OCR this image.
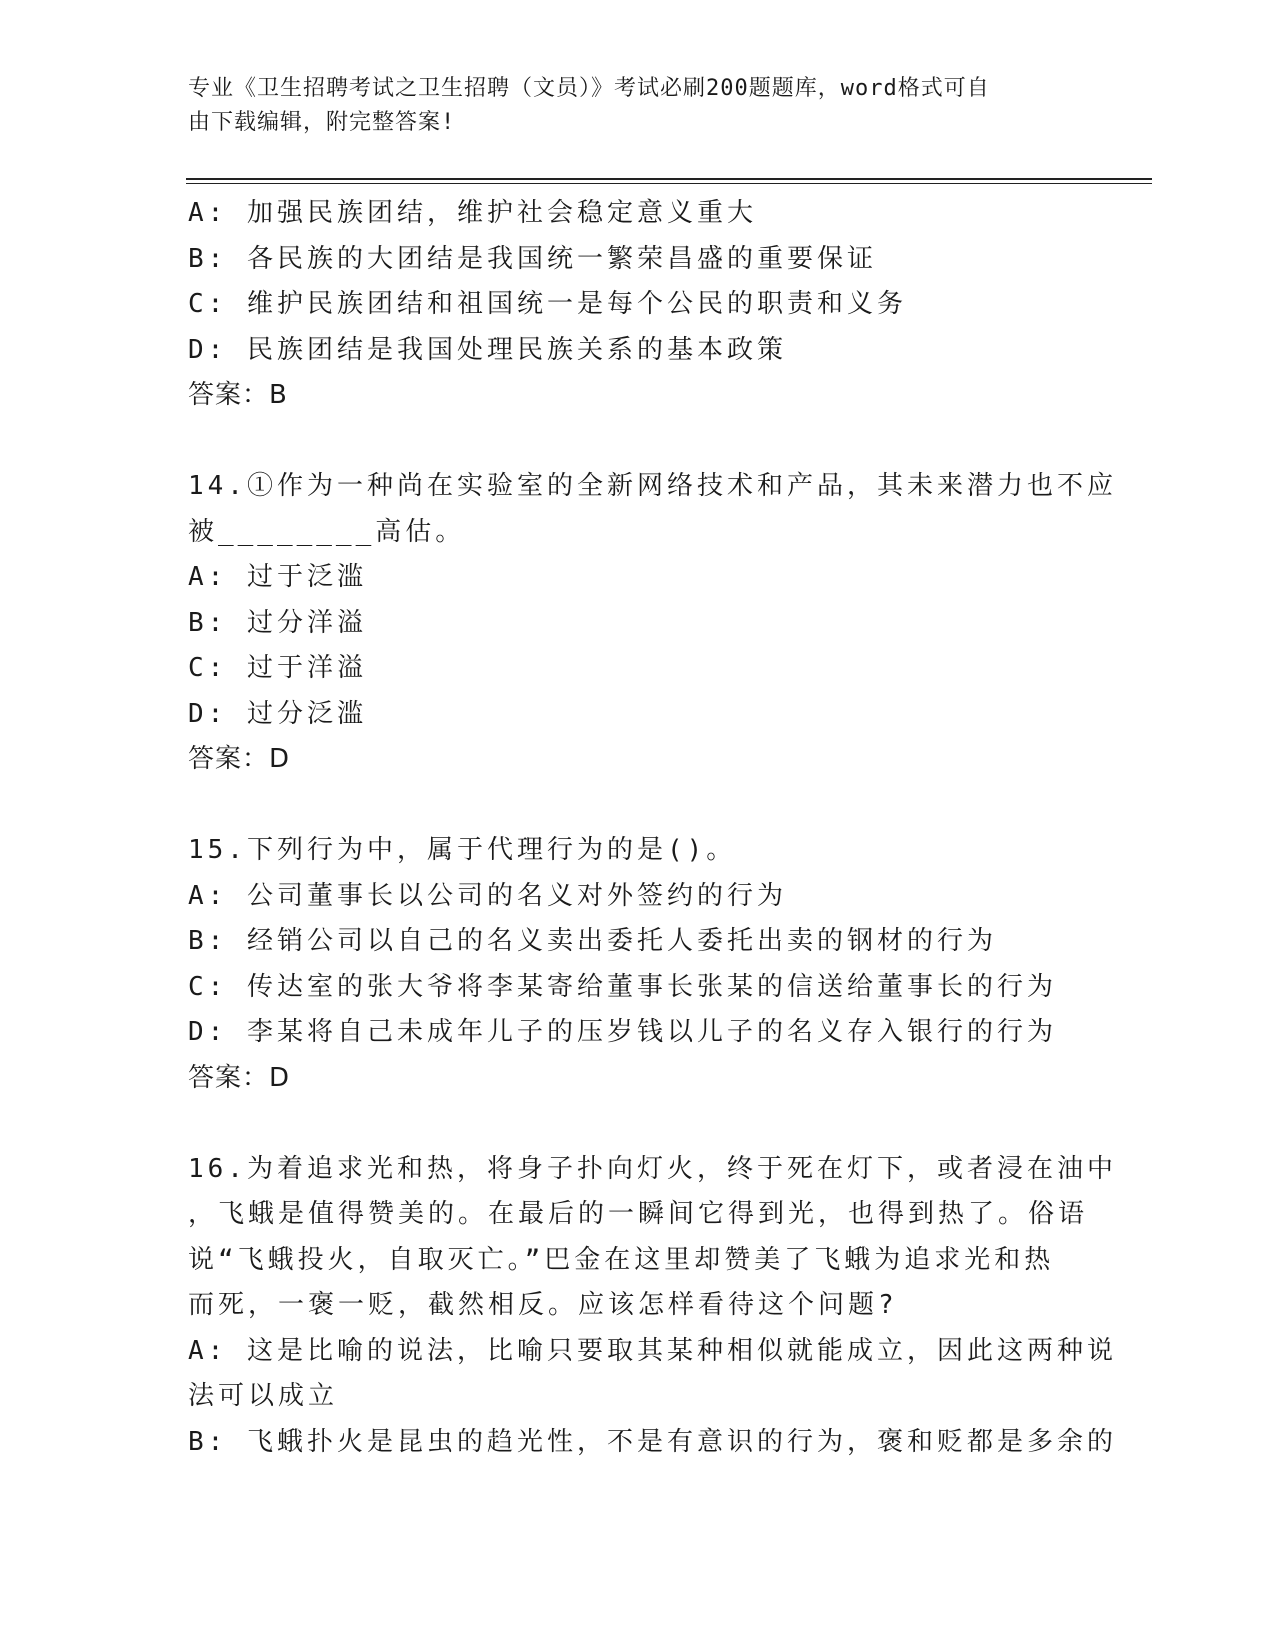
专业《卫生招聘考试之卫生招聘（文员）》考试必刷200题题库，word格式可自
由下载编辑，附完整答案!
A: 加强民族团结，维护社会稳定意义重大
B: 各民族的大团结是我国统一繁荣昌盛的重要保证
C: 维护民族团结和祖国统一是每个公民的职责和义务
D: 民族团结是我国处理民族关系的基本政策
答案：B
14.①作为一种尚在实验室的全新网络技术和产品，其未来潜力也不应
被________高估。
A: 过于泛滥
B: 过分洋溢
C: 过于洋溢
D: 过分泛滥
答案：D
15.下列行为中，属于代理行为的是()。
A: 公司董事长以公司的名义对外签约的行为
B: 经销公司以自己的名义卖出委托人委托出卖的钢材的行为
C: 传达室的张大爷将李某寄给董事长张某的信送给董事长的行为
D: 李某将自己未成年儿子的压岁钱以儿子的名义存入银行的行为
答案：D
16.为着追求光和热，将身子扑向灯火，终于死在灯下，或者浸在油中
，飞蛾是值得赞美的。在最后的一瞬间它得到光，也得到热了。俗语
说“飞蛾投火，自取灭亡。”巴金在这里却赞美了飞蛾为追求光和热
而死，一褒一贬，截然相反。应该怎样看待这个问题?
A: 这是比喻的说法，比喻只要取其某种相似就能成立，因此这两种说
法可以成立
B: 飞蛾扑火是昆虫的趋光性，不是有意识的行为，褒和贬都是多余的
